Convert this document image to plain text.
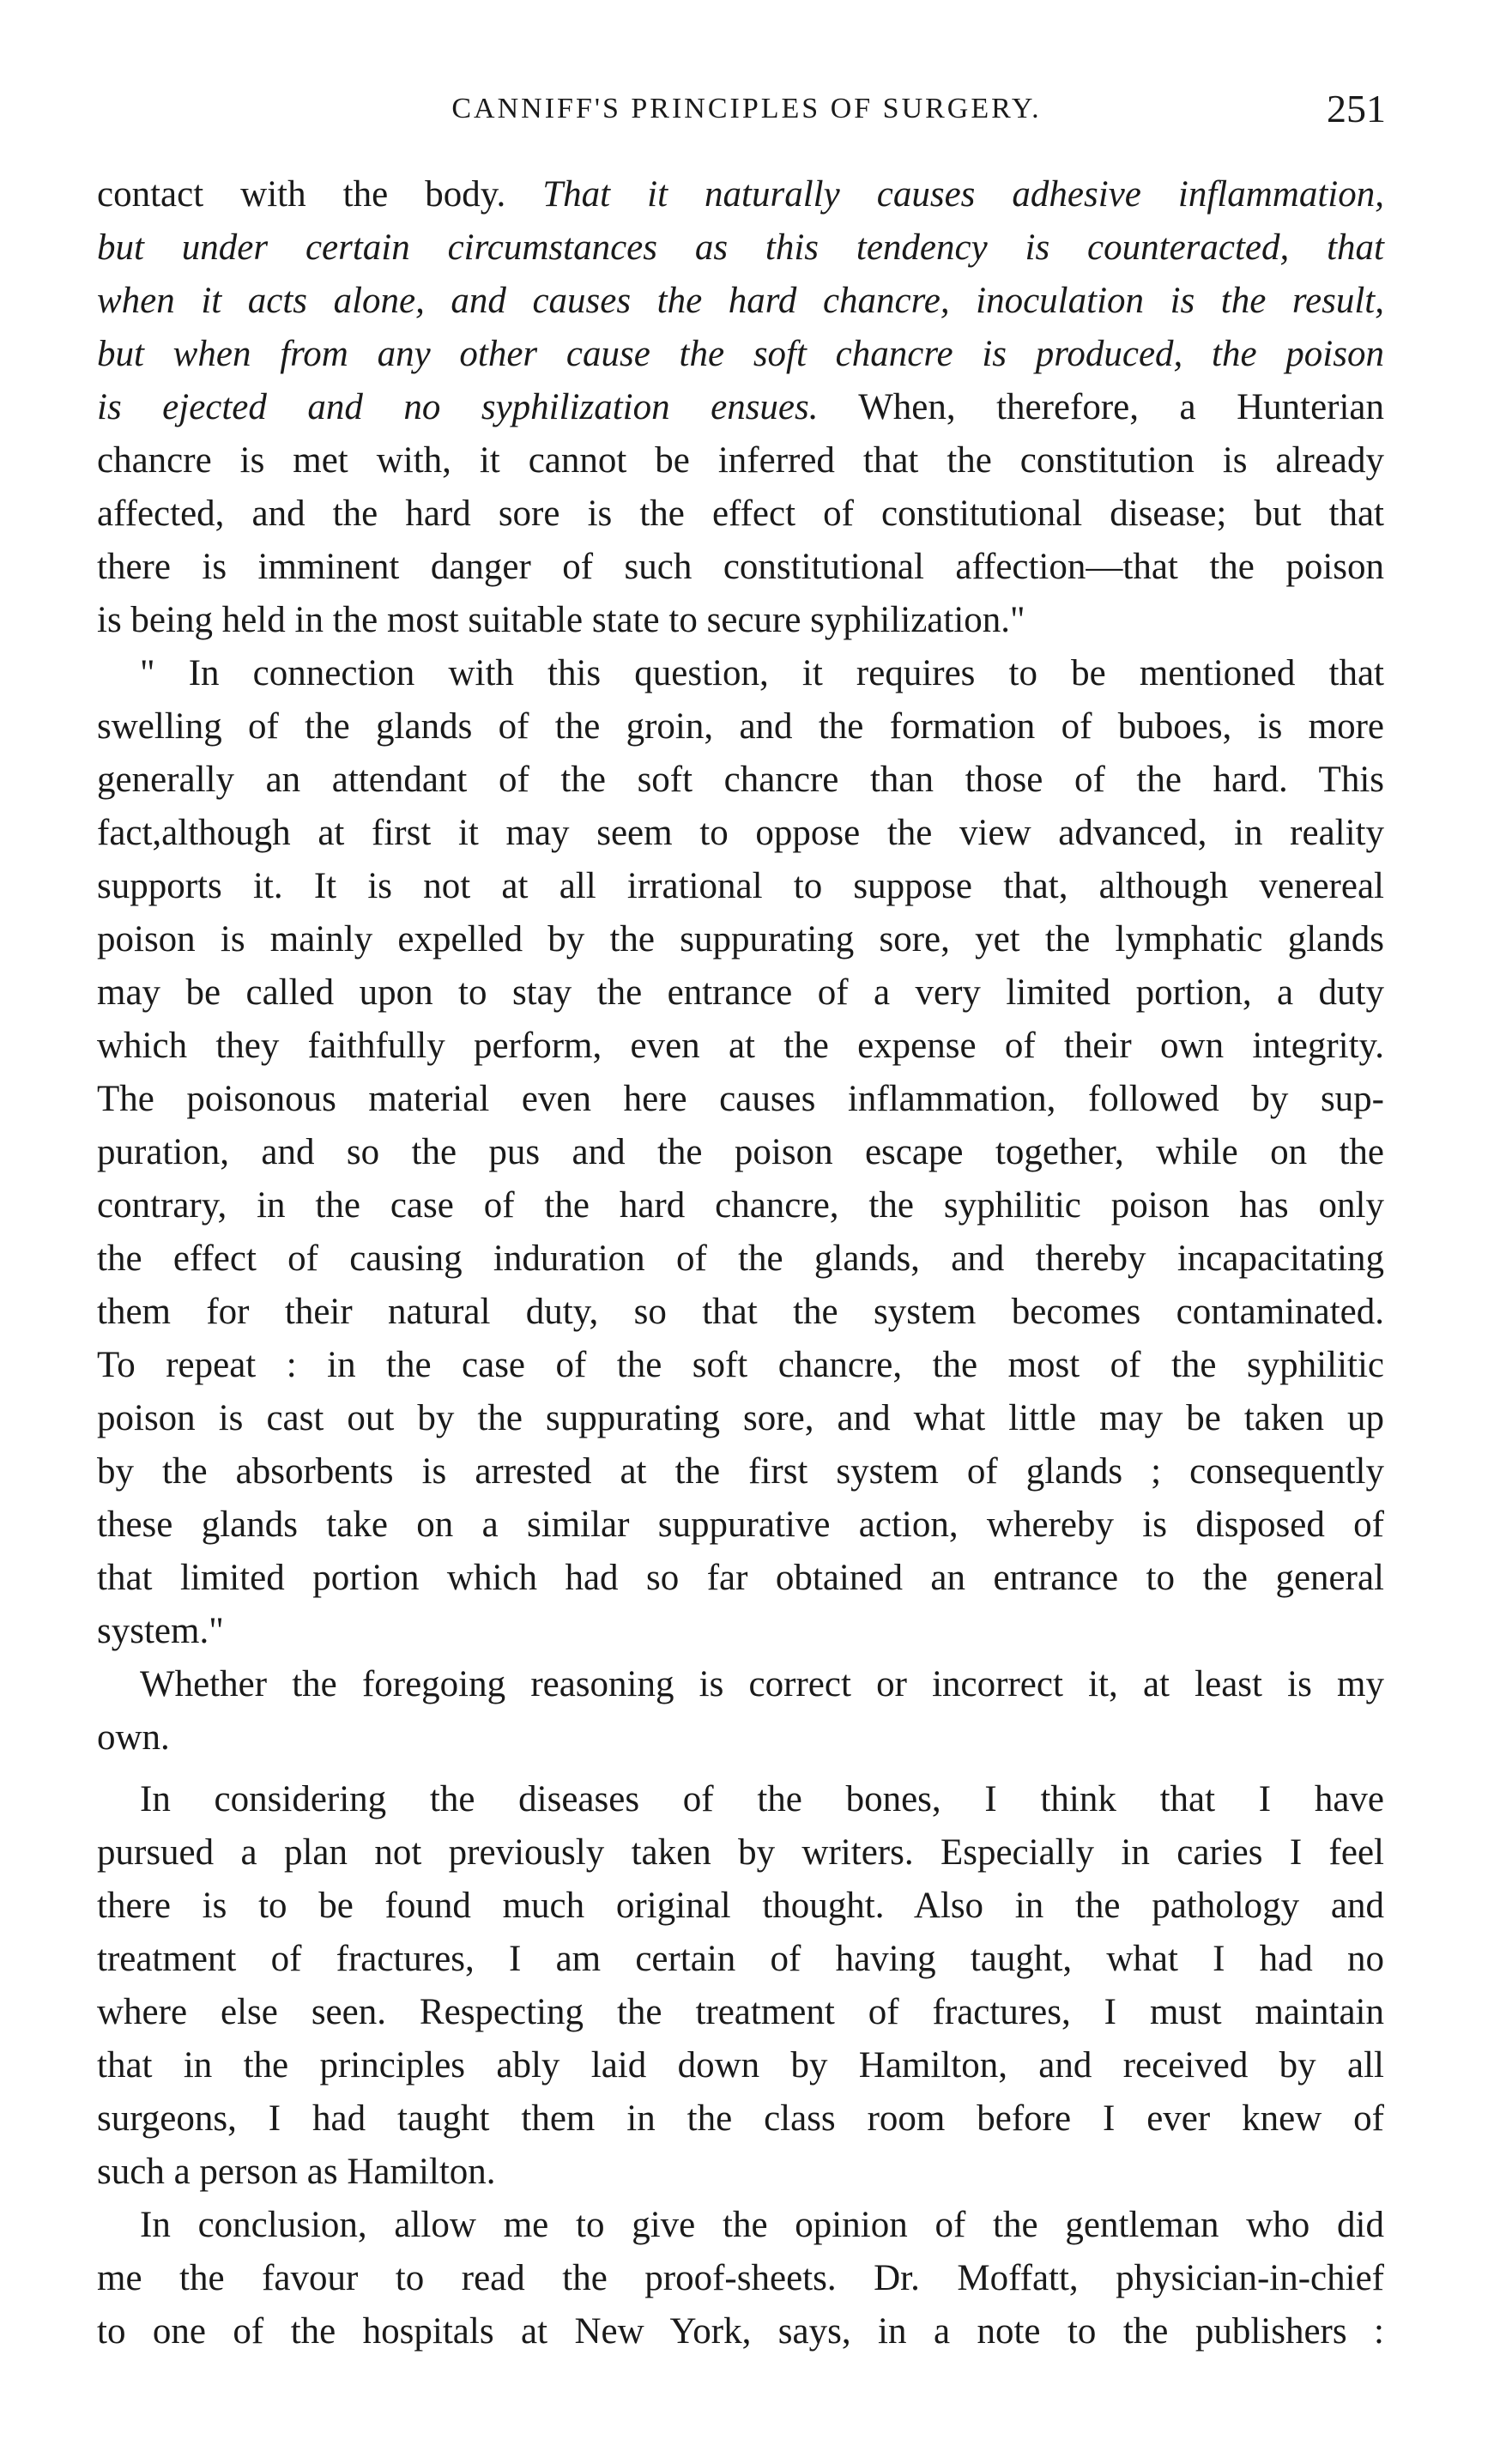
CANNIFF'S PRINCIPLES OF SURGERY.	251
contact with the body. That it naturally causes adhesive inflammation,
but under certain circumstances as this tendency is counteracted, that
when it acts alone, and causes the hard chancre, inoculation is the result,
but when from any other cause the soft chancre is produced, the poison
is ejected and no syphilization ensues. When, therefore, a Hunterian
chancre is met with, it cannot be inferred that the constitution is already
affected, and the hard sore is the effect of constitutional disease; but that
there is imminent danger of such constitutional affection—that the poison
is being held in the most suitable state to secure syphilization."
" In connection with this question, it requires to be mentioned that
swelling of the glands of the groin, and the formation of buboes, is more
generally an attendant of the soft chancre than those of the hard. This
fact,although at first it may seem to oppose the view advanced, in reality
supports it. It is not at all irrational to suppose that, although venereal
poison is mainly expelled by the suppurating sore, yet the lymphatic glands
may be called upon to stay the entrance of a very limited portion, a duty
which they faithfully perform, even at the expense of their own integrity.
The poisonous material even here causes inflammation, followed by sup-
puration, and so the pus and the poison escape together, while on the
contrary, in the case of the hard chancre, the syphilitic poison has only
the effect of causing induration of the glands, and thereby incapacitating
them for their natural duty, so that the system becomes contaminated.
To repeat : in the case of the soft chancre, the most of the syphilitic
poison is cast out by the suppurating sore, and what little may be taken up
by the absorbents is arrested at the first system of glands ; consequently
these glands take on a similar suppurative action, whereby is disposed of
that limited portion which had so far obtained an entrance to the general
system."
Whether the foregoing reasoning is correct or incorrect it, at least is my
own.
In considering the diseases of the bones, I think that I have
pursued a plan not previously taken by writers. Especially in caries I feel
there is to be found much original thought. Also in the pathology and
treatment of fractures, I am certain of having taught, what I had no
where else seen. Respecting the treatment of fractures, I must maintain
that in the principles ably laid down by Hamilton, and received by all
surgeons, I had taught them in the class room before I ever knew of
such a person as Hamilton.
In conclusion, allow me to give the opinion of the gentleman who did
me the favour to read the proof-sheets. Dr. Moffatt, physician-in-chief
to one of the hospitals at New York, says, in a note to the publishers :
